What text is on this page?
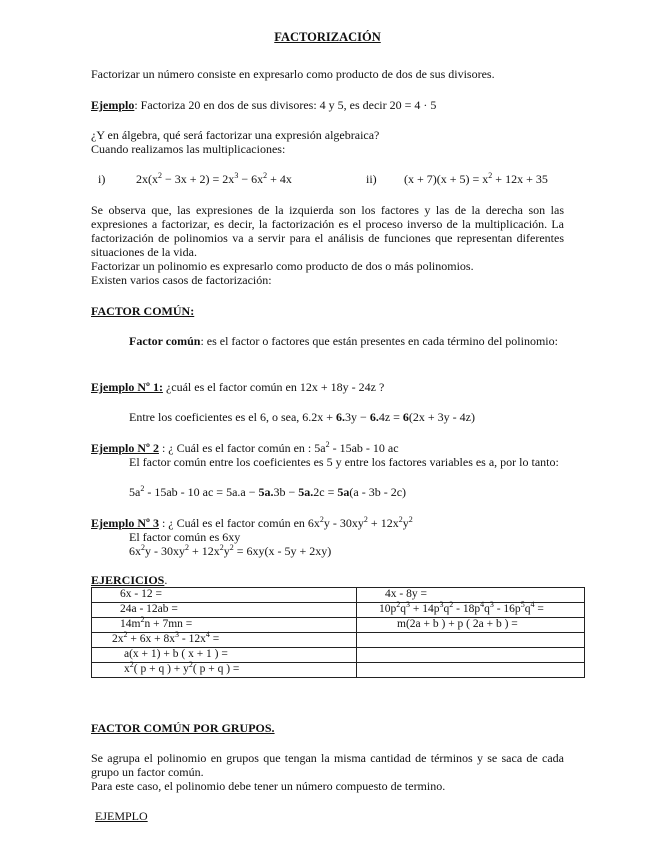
FACTORIZACIÓN
Factorizar un número consiste en expresarlo como producto de dos de sus divisores.
Ejemplo: Factoriza 20 en dos de sus divisores: 4 y 5, es decir 20 = 4 · 5
¿Y en álgebra, qué será factorizar una expresión algebraica?
Cuando realizamos las multiplicaciones:
i)	$2x(x^2 - 3x + 2) = 2x^3 - 6x^2 + 4x$	ii) $(x + 7)(x + 5) = x^2 + 12x + 35$
Se observa que, las expresiones de la izquierda son los factores y las de la derecha son las expresiones a factorizar, es decir, la factorización es el proceso inverso de la multiplicación. La factorización de polinomios va a servir para el análisis de funciones que representan diferentes situaciones de la vida.
Factorizar un polinomio es expresarlo como producto de dos o más polinomios.
Existen varios casos de factorización:
FACTOR COMÚN:
Factor común: es el factor o factores que están presentes en cada término del polinomio:
Ejemplo Nº 1: ¿cuál es el factor común en 12x + 18y - 24z ?
Entre los coeficientes es el 6, o sea, 6.2x + 6.3y − 6.4z = 6(2x + 3y - 4z)
Ejemplo Nº 2 : ¿ Cuál es el factor común en : $5a^2 - 15ab - 10$ ac
El factor común entre los coeficientes es 5 y entre los factores variables es a, por lo tanto:
$5a^2 - 15ab - 10$ ac = 5a.a − 5a.3b − 5a.2c = 5a(a - 3b - 2c)
Ejemplo Nº 3 : ¿ Cuál es el factor común en $6x^2y - 30xy^2 + 12x^2y^2$
El factor común es 6xy
$6x^2y - 30xy^2 + 12x^2y^2 = 6xy(x - 5y + 2xy)$
EJERCICIOS.
6x - 12 =	4x - 8y =
24a - 12ab =	$10p^2q^3 + 14p^3q^2 - 18p^4q^3 - 16p^5q^4$ =
$14m^2n + 7mn$ =	m(2a + b ) + p ( 2a + b ) =
$2x^2 + 6x + 8x^3 - 12x^4$ =	
a(x + 1) + b ( x + 1 ) =	
$x^2$( p + q ) + $y^2$( p + q ) =	
FACTOR COMÚN POR GRUPOS.
Se agrupa el polinomio en grupos que tengan la misma cantidad de términos y se saca de cada grupo un factor común.
Para este caso, el polinomio debe tener un número compuesto de termino.
EJEMPLO
